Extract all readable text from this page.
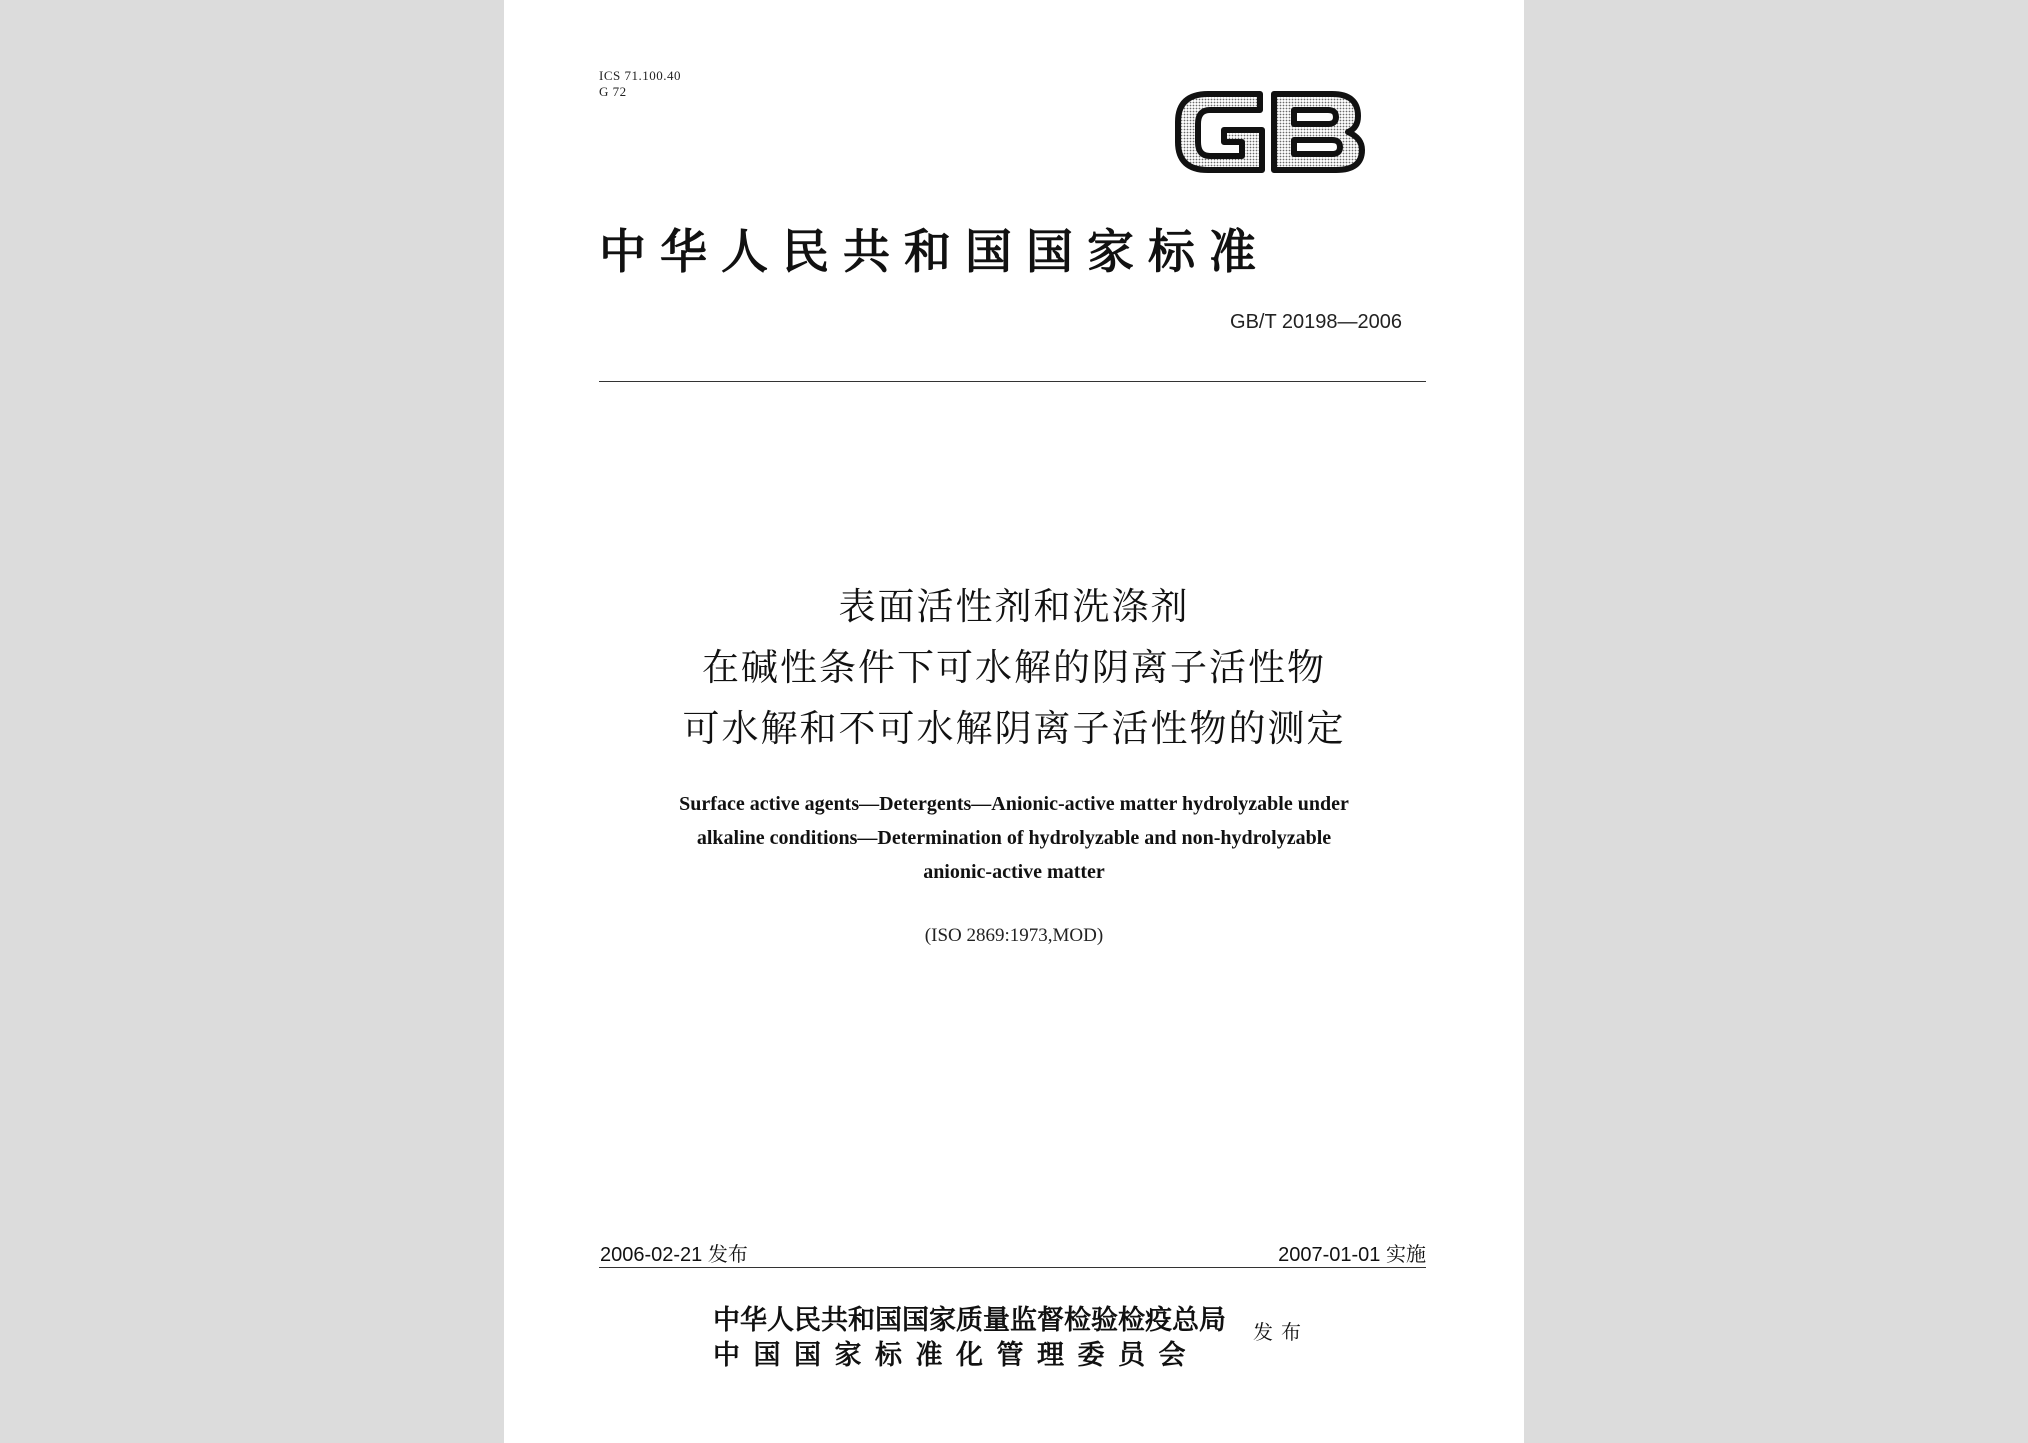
ICS 71.100.40
G 72
中华人民共和国国家标准
GB/T 20198—2006
表面活性剂和洗涤剂
在碱性条件下可水解的阴离子活性物
可水解和不可水解阴离子活性物的测定
Surface active agents—Detergents—Anionic-active matter hydrolyzable under
alkaline conditions—Determination of hydrolyzable and non-hydrolyzable
anionic-active matter
(ISO 2869:1973,MOD)
2006-02-21 发布	2007-01-01 实施
中华人民共和国国家质量监督检验检疫总局
中国国家标准化管理委员会
发布
